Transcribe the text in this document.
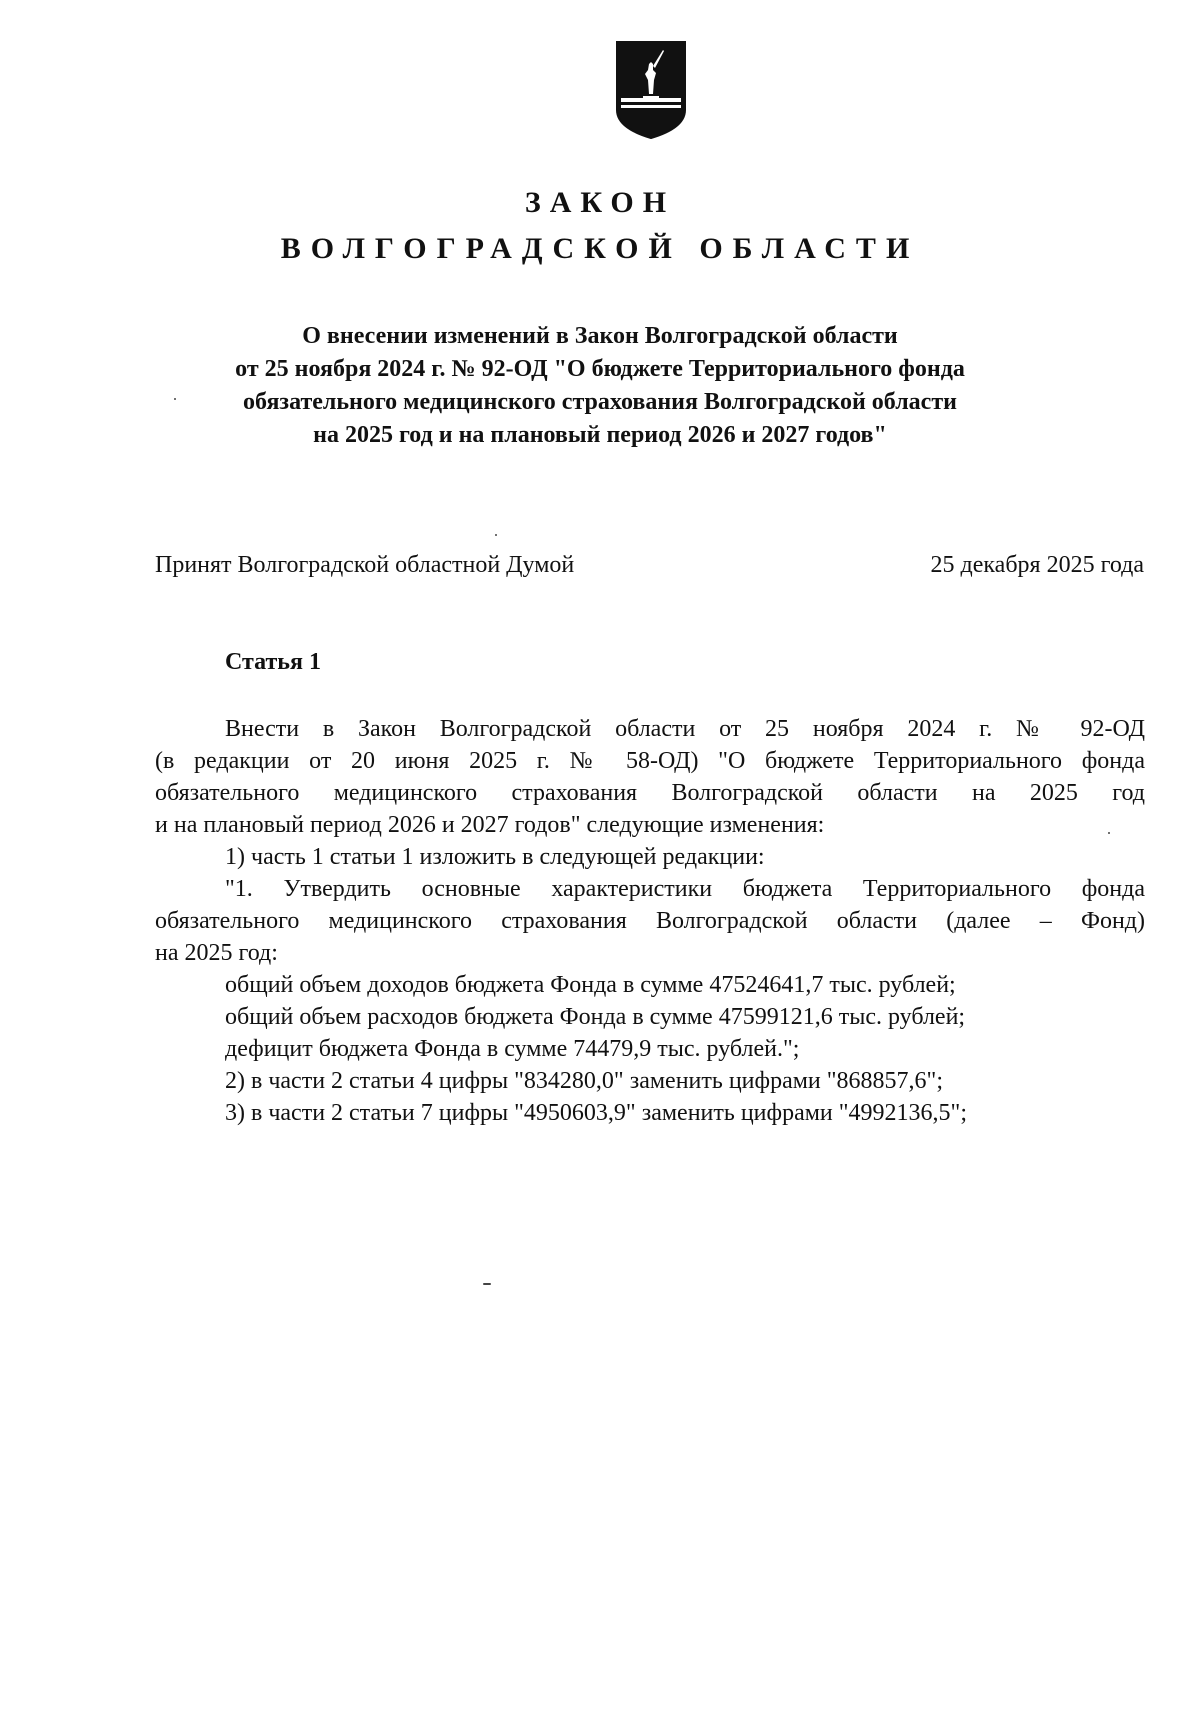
ЗАКОН
ВОЛГОГРАДСКОЙ ОБЛАСТИ
О внесении изменений в Закон Волгоградской области
от 25 ноября 2024 г. № 92-ОД "О бюджете Территориального фонда
обязательного медицинского страхования Волгоградской области
на 2025 год и на плановый период 2026 и 2027 годов"
Принят Волгоградской областной Думой	25 декабря 2025 года
Статья 1
Внести в Закон Волгоградской области от 25 ноября 2024 г. № 92-ОД
(в редакции от 20 июня 2025 г. № 58-ОД) "О бюджете Территориального фонда
обязательного медицинского страхования Волгоградской области на 2025 год
и на плановый период 2026 и 2027 годов" следующие изменения:
1) часть 1 статьи 1 изложить в следующей редакции:
"1. Утвердить основные характеристики бюджета Территориального фонда
обязательного медицинского страхования Волгоградской области (далее – Фонд)
на 2025 год:
общий объем доходов бюджета Фонда в сумме 47524641,7 тыс. рублей;
общий объем расходов бюджета Фонда в сумме 47599121,6 тыс. рублей;
дефицит бюджета Фонда в сумме 74479,9 тыс. рублей.";
2) в части 2 статьи 4 цифры "834280,0" заменить цифрами "868857,6";
3) в части 2 статьи 7 цифры "4950603,9" заменить цифрами "4992136,5";
